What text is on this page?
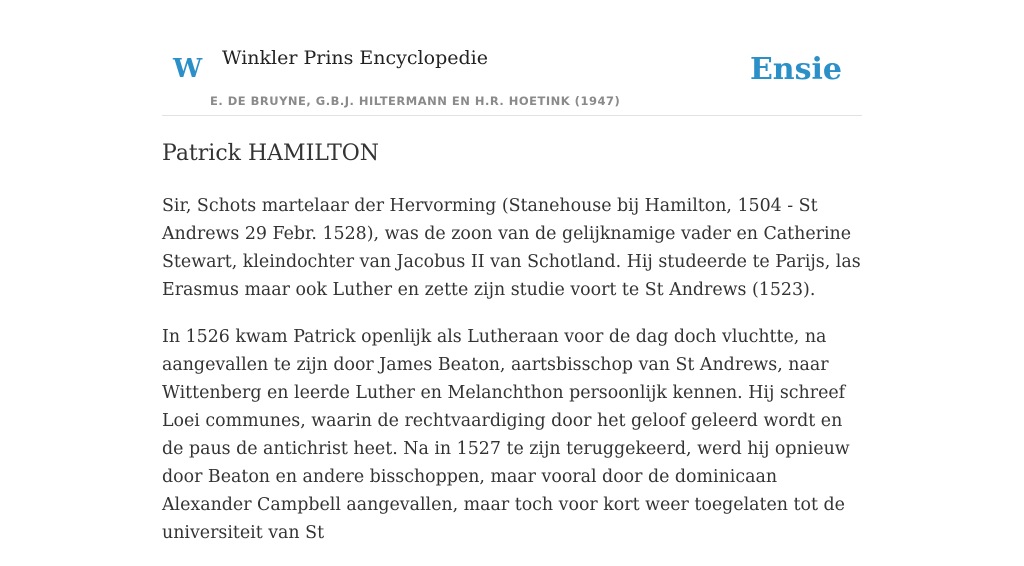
W Winkler Prins Encyclopedie
E. DE BRUYNE, G.B.J. HILTERMANN EN H.R. HOETINK (1947)
Ensie
Patrick HAMILTON

Sir, Schots martelaar der Hervorming (Stanehouse bij Hamilton, 1504 - St Andrews 29 Febr. 1528), was de zoon van de gelijknamige vader en Catherine Stewart, kleindochter van Jacobus II van Schotland. Hij studeerde te Parijs, las Erasmus maar ook Luther en zette zijn studie voort te St Andrews (1523).

In 1526 kwam Patrick openlijk als Lutheraan voor de dag doch vluchtte, na aangevallen te zijn door James Beaton, aartsbisschop van St Andrews, naar Wittenberg en leerde Luther en Melanchthon persoonlijk kennen. Hij schreef Loei communes, waarin de rechtvaardiging door het geloof geleerd wordt en de paus de antichrist heet. Na in 1527 te zijn teruggekeerd, werd hij opnieuw door Beaton en andere bisschoppen, maar vooral door de dominicaan Alexander Campbell aangevallen, maar toch voor kort weer toegelaten tot de universiteit van St
